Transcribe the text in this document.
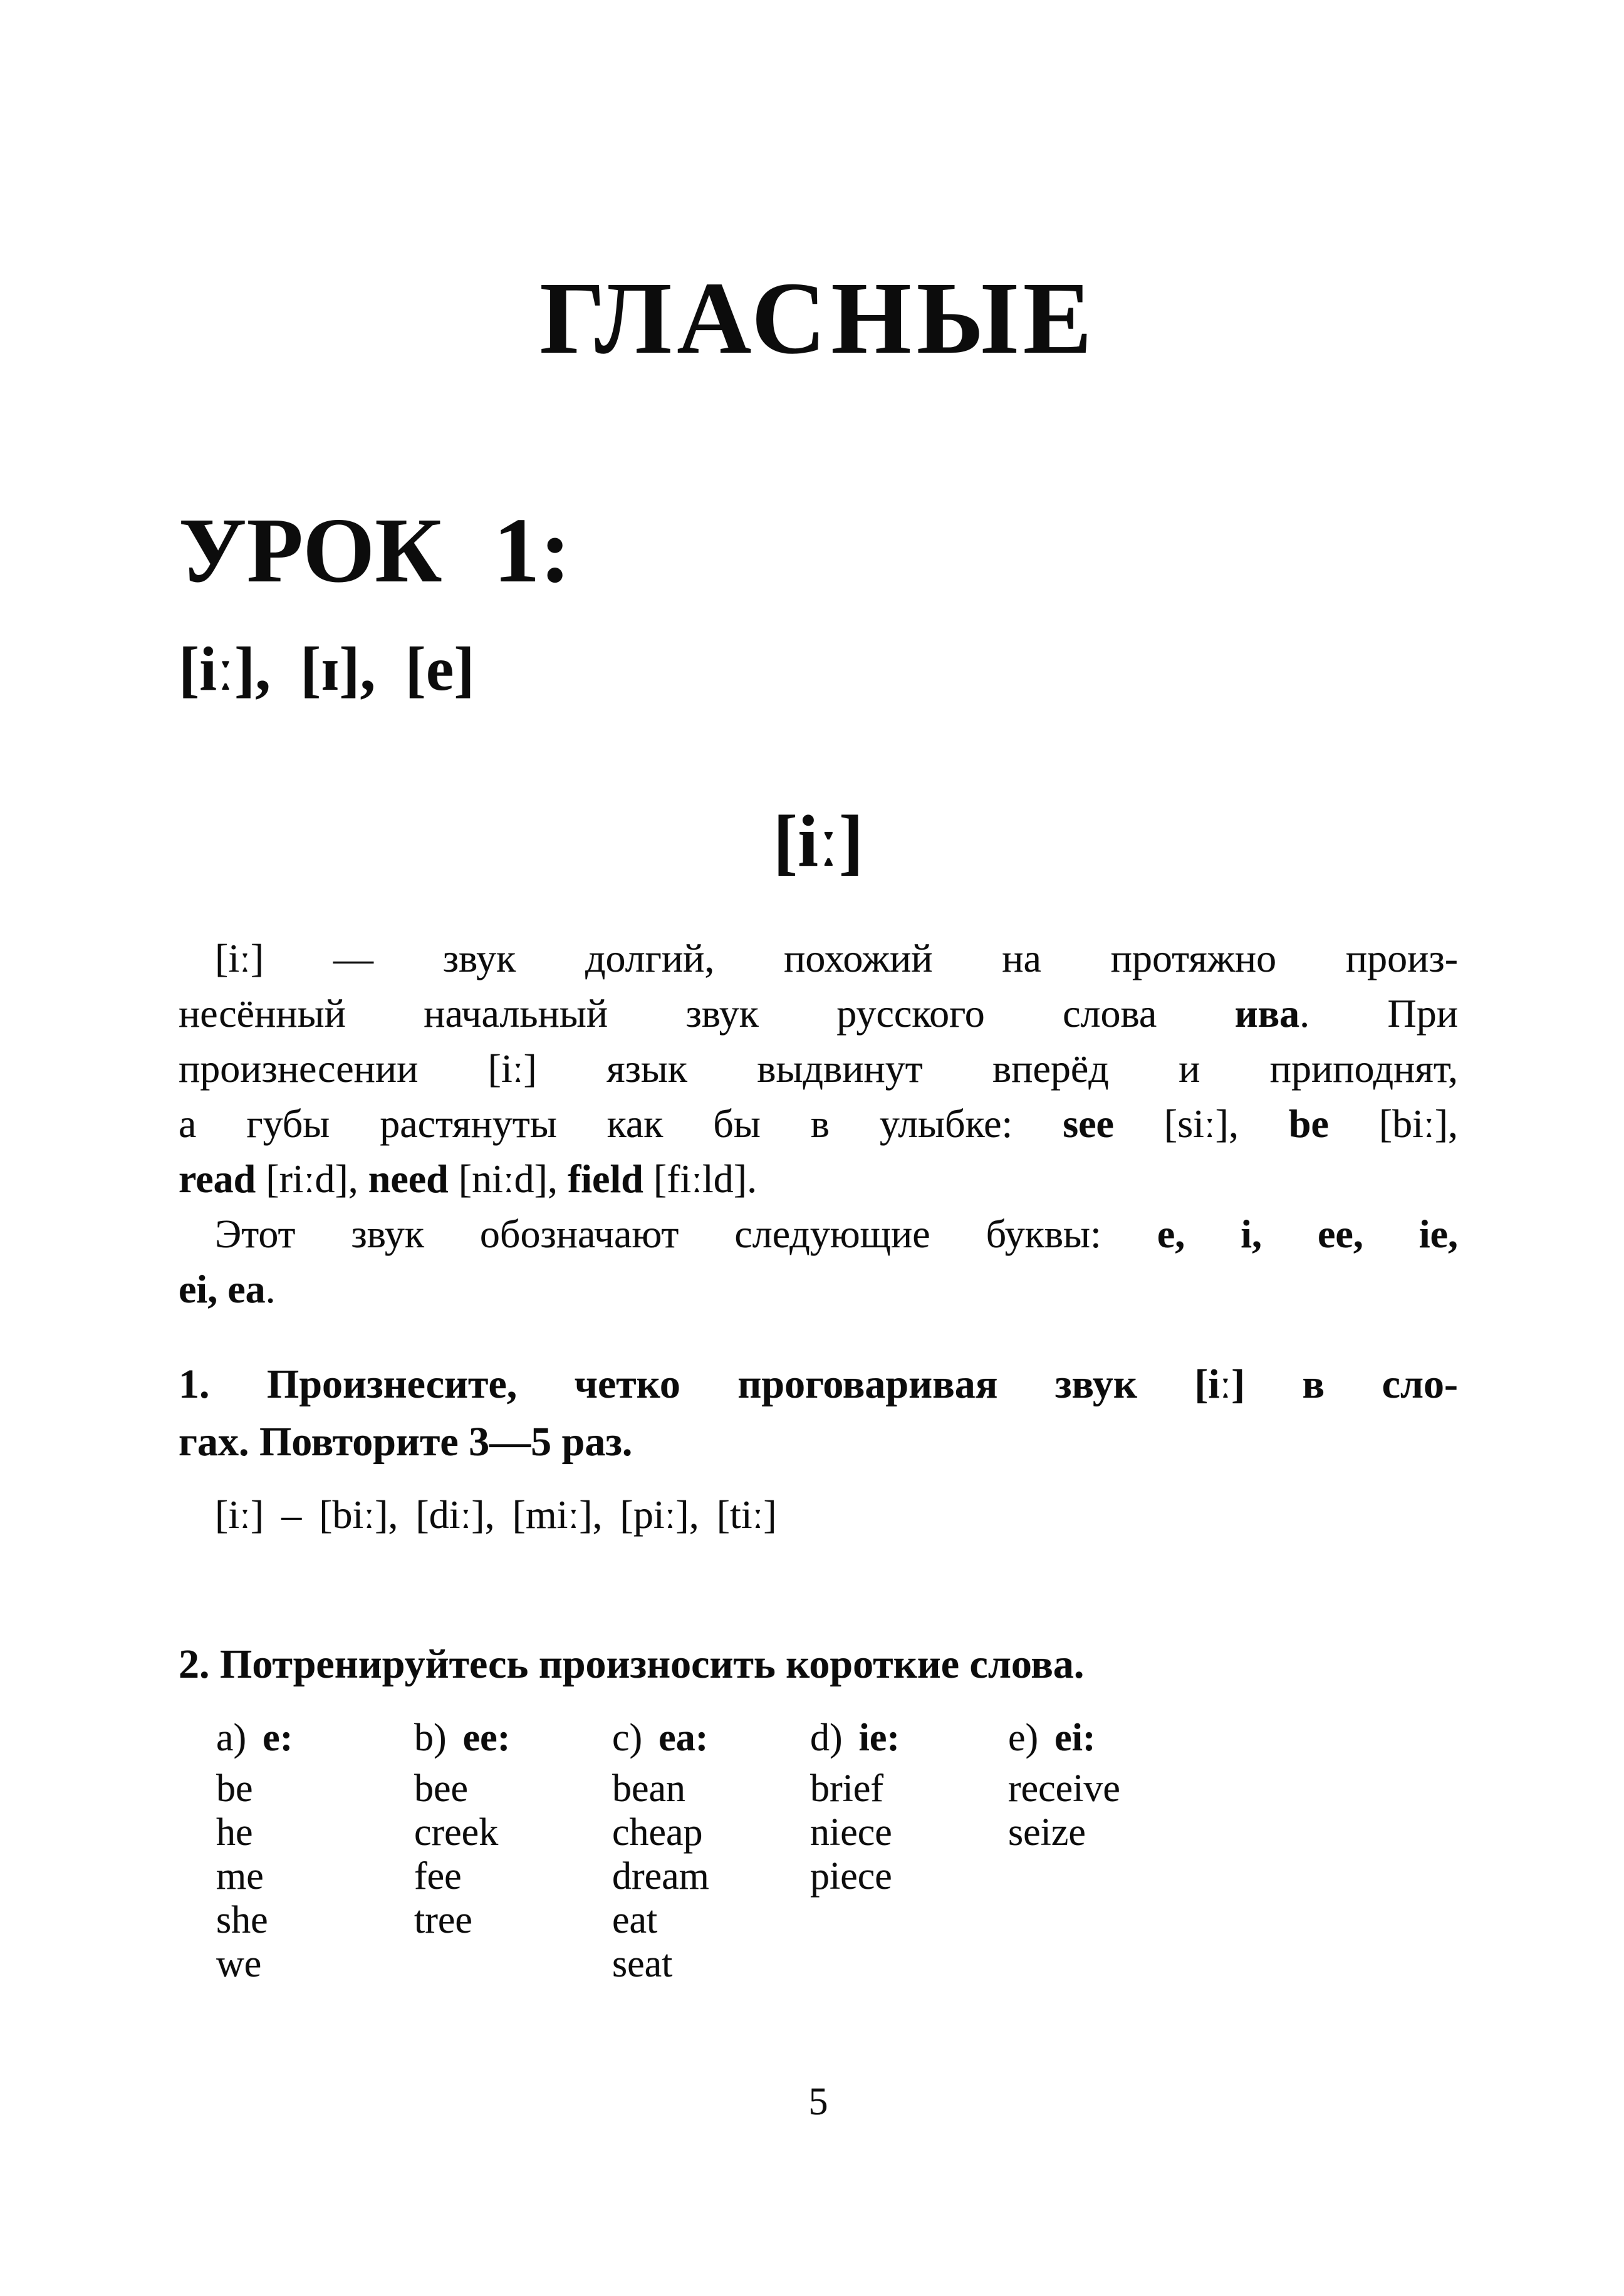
ГЛАСНЫЕ
УРОК 1:
[iː], [ɪ], [e]
[iː]
[iː] — звук долгий, похожий на протяжно произ-
несённый начальный звук русского слова ива. При
произнесении [iː] язык выдвинут вперёд и приподнят,
а губы растянуты как бы в улыбке: see [siː], be [biː],
read [riːd], need [niːd], field [fiːld].
Этот звук обозначают следующие буквы: e, i, ee, ie,
ei, ea.
1. Произнесите, четко проговаривая звук [iː] в сло-
гах. Повторите 3—5 раз.
[iː] – [biː], [diː], [miː], [piː], [tiː]
2. Потренируйтесь произносить короткие слова.
a) e:
be
he
me
she
we
b) ee:
bee
creek
fee
tree
c) ea:
bean
cheap
dream
eat
seat
d) ie:
brief
niece
piece
e) ei:
receive
seize
5
